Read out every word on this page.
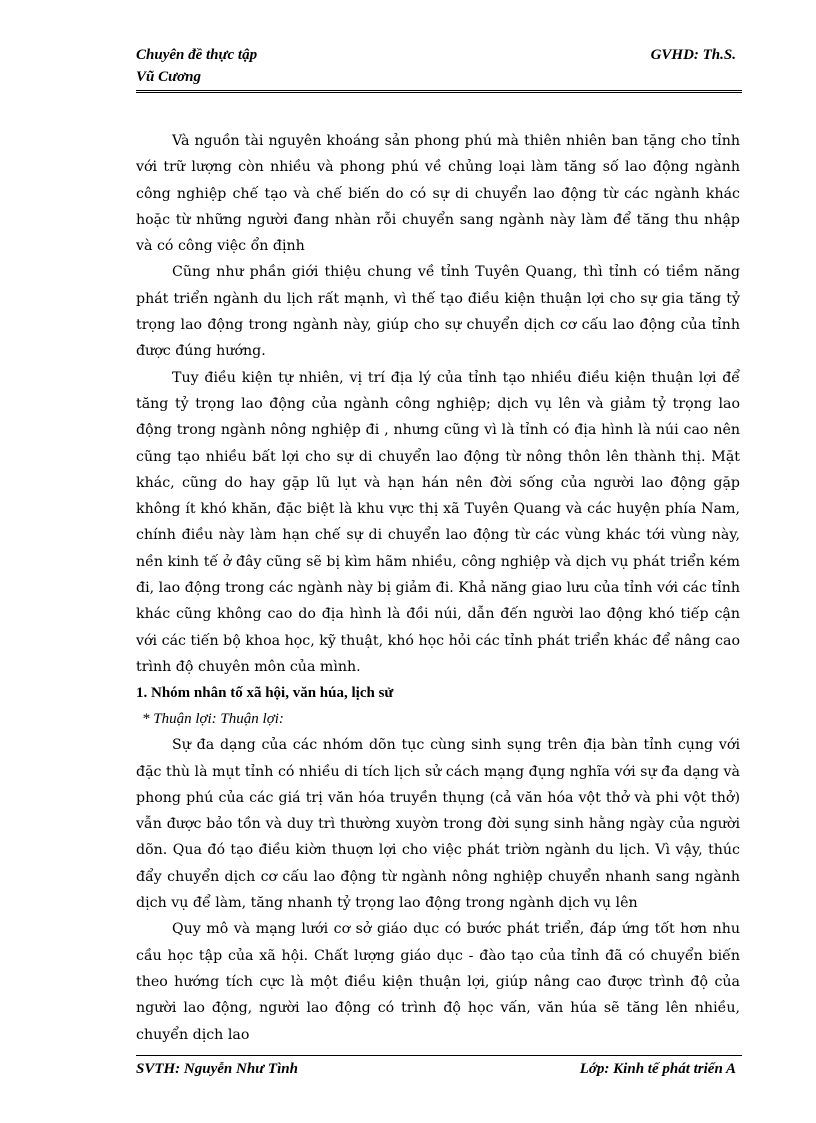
Chuyên đề thực tập
Vũ Cương
GVHD: Th.S.

Và nguồn tài nguyên khoáng sản phong phú mà thiên nhiên ban tặng cho tỉnh với trữ lượng còn nhiều và phong phú về chủng loại làm tăng số lao động ngành công nghiệp chế tạo và chế biến do có sự di chuyển lao động từ các ngành khác hoặc từ những người đang nhàn rỗi chuyển sang ngành này làm để tăng thu nhập và có công việc ổn định

Cũng như phần giới thiệu chung về tỉnh Tuyên Quang, thì tỉnh có tiềm năng phát triển ngành du lịch rất mạnh, vì thế tạo điều kiện thuận lợi cho sự gia tăng tỷ trọng lao động trong ngành này, giúp cho sự chuyển dịch cơ cấu lao động của tỉnh được đúng hướng.

Tuy điều kiện tự nhiên, vị trí địa lý của tỉnh tạo nhiều điều kiện thuận lợi để tăng tỷ trọng lao động của ngành công nghiệp; dịch vụ lên và giảm tỷ trọng lao động trong ngành nông nghiệp đi , nhưng cũng vì là tỉnh có địa hình là núi cao nên cũng tạo nhiều bất lợi cho sự di chuyển lao động từ nông thôn lên thành thị. Mặt khác, cũng do hay gặp lũ lụt và hạn hán nên đời sống của người lao động gặp không ít khó khăn, đặc biệt là khu vực thị xã Tuyên Quang và các huyện phía Nam, chính điều này làm hạn chế sự di chuyển lao động từ các vùng khác tới vùng này, nền kinh tế ở đây cũng sẽ bị kìm hãm nhiều, công nghiệp và dịch vụ phát triển kém đi, lao động trong các ngành này bị giảm đi. Khả năng giao lưu của tỉnh với các tỉnh khác cũng không cao do địa hình là đồi núi, dẫn đến người lao động khó tiếp cận với các tiến bộ khoa học, kỹ thuật, khó học hỏi các tỉnh phát triển khác để nâng cao trình độ chuyên môn của mình.

1. Nhóm nhân tố xã hội, văn húa, lịch sử
* Thuận lợi: Thuận lợi:

Sự đa dạng của các nhóm dõn tục cùng sinh sụng trên địa bàn tỉnh cụng với đặc thù là mụt tỉnh có nhiều di tích lịch sử cách mạng đụng nghĩa với sự đa dạng và phong phú của các giá trị văn hóa truyền thụng (cả văn hóa vột thở và phi vột thở) vẫn được bảo tồn và duy trì thường xuyờn trong đời sụng sinh hằng ngày của người dõn. Qua đó tạo điều kiờn thuợn lợi cho việc phát triờn ngành du lịch. Vì vậy, thúc đẩy chuyển dịch cơ cấu lao động từ ngành nông nghiệp chuyển nhanh sang ngành dịch vụ để làm, tăng nhanh tỷ trọng lao động trong ngành dịch vụ lên

Quy mô và mạng lưới cơ sở giáo dục có bước phát triển, đáp ứng tốt hơn nhu cầu học tập của xã hội. Chất lượng giáo dục - đào tạo của tỉnh đã có chuyển biến theo hướng tích cực là một điều kiện thuận lợi, giúp nâng cao được trình độ của người lao động, người lao động có trình độ học vấn, văn húa sẽ tăng lên nhiều, chuyển dịch lao

SVTH: Nguyễn Như Tình	Lớp: Kinh tế phát triển A
